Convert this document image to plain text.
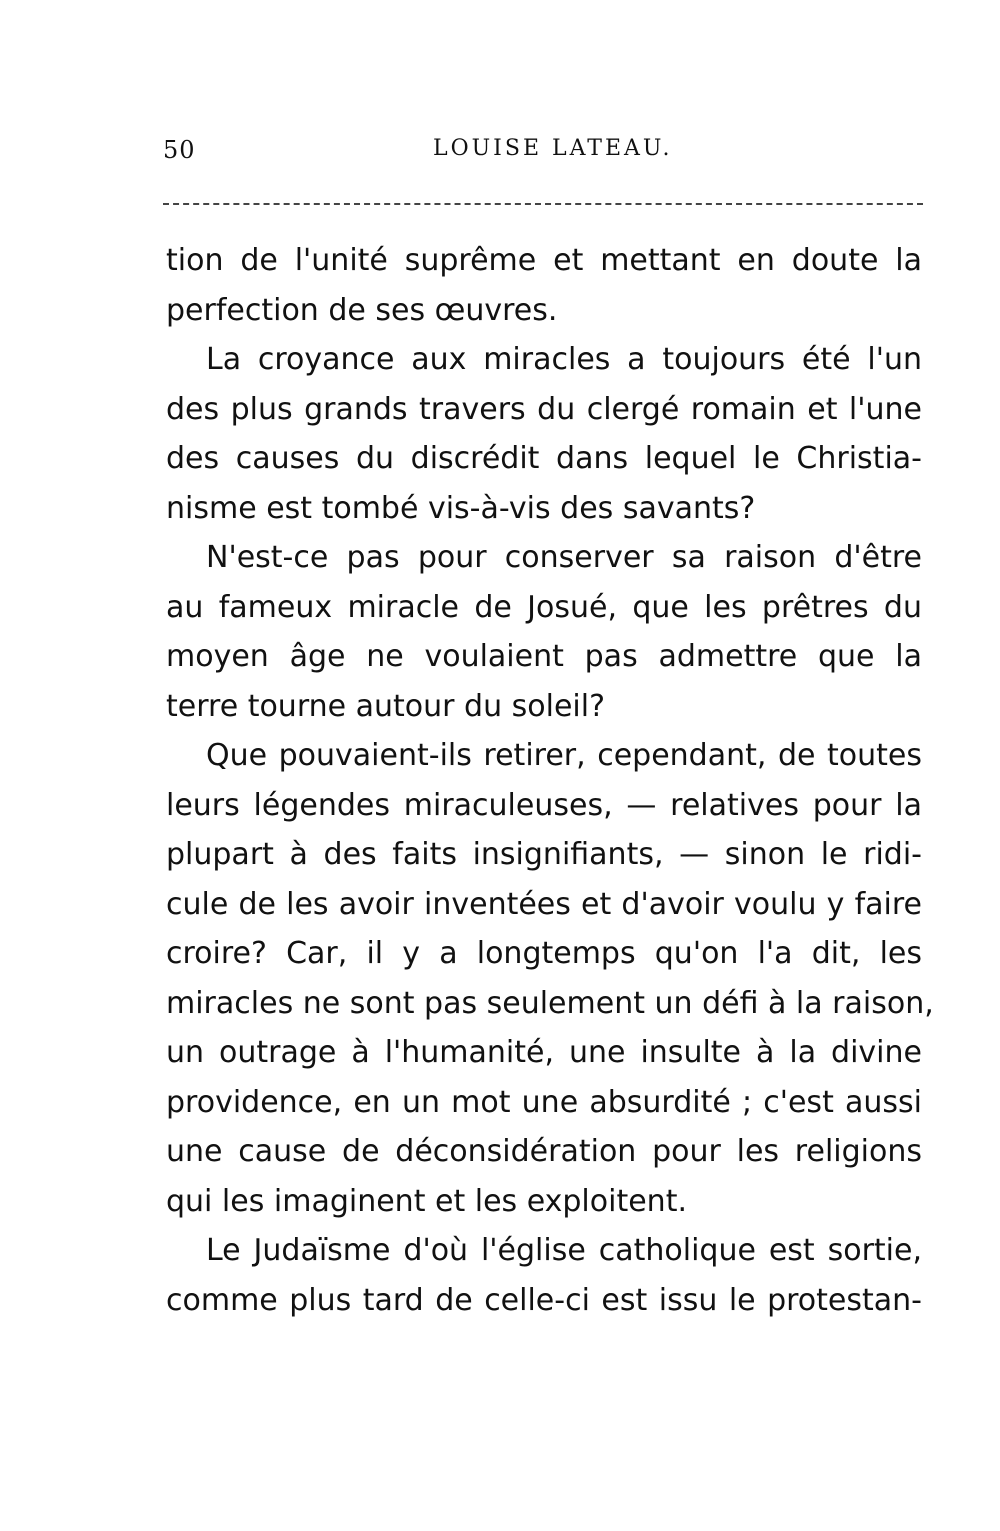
50	LOUISE LATEAU.
tion de l'unité suprême et mettant en doute la
perfection de ses œuvres.
La croyance aux miracles a toujours été l'un
des plus grands travers du clergé romain et l'une
des causes du discrédit dans lequel le Christia-
nisme est tombé vis-à-vis des savants?
N'est-ce pas pour conserver sa raison d'être
au fameux miracle de Josué, que les prêtres du
moyen âge ne voulaient pas admettre que la
terre tourne autour du soleil?
Que pouvaient-ils retirer, cependant, de toutes
leurs légendes miraculeuses, — relatives pour la
plupart à des faits insignifiants, — sinon le ridi-
cule de les avoir inventées et d'avoir voulu y faire
croire? Car, il y a longtemps qu'on l'a dit, les
miracles ne sont pas seulement un défi à la raison,
un outrage à l'humanité, une insulte à la divine
providence, en un mot une absurdité ; c'est aussi
une cause de déconsidération pour les religions
qui les imaginent et les exploitent.
Le Judaïsme d'où l'église catholique est sortie,
comme plus tard de celle-ci est issu le protestan-
